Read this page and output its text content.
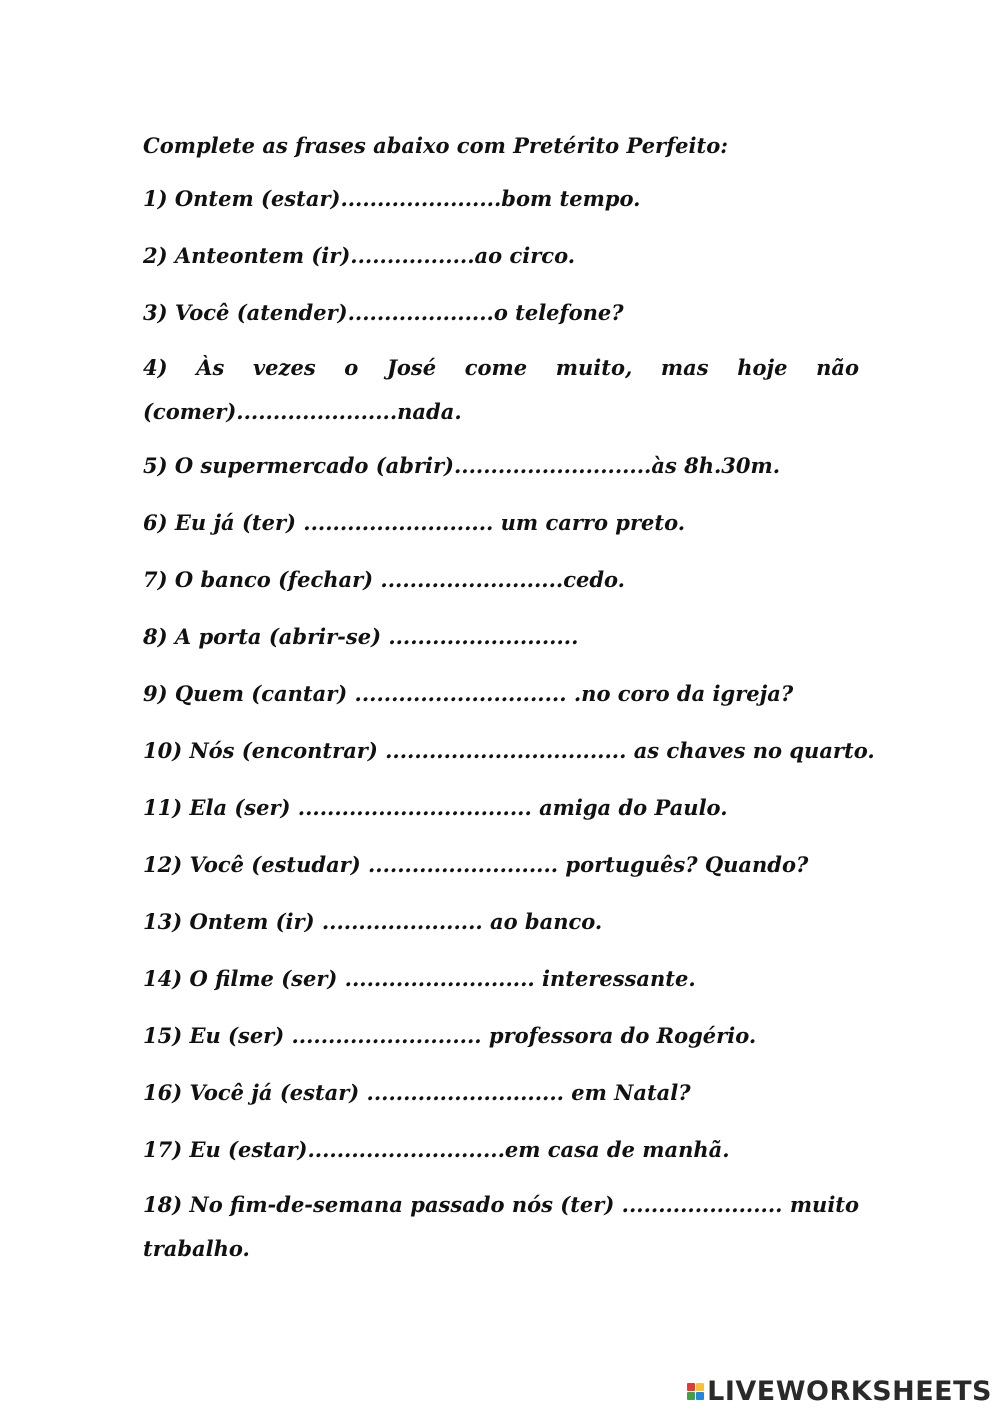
Complete as frases abaixo com Pretérito Perfeito:
1) Ontem (estar)......................bom tempo.
2) Anteontem (ir).................ao circo.
3) Você (atender)....................o telefone?
4) Às vezes o José come muito, mas hoje não (comer)......................nada.
5) O supermercado (abrir)...........................às 8h.30m.
6) Eu já (ter) .......................... um carro preto.
7) O banco (fechar) .........................cedo.
8) A porta (abrir-se) ..........................
9) Quem (cantar) ............................. .no coro da igreja?
10) Nós (encontrar) ................................. as chaves no quarto.
11) Ela (ser) ................................ amiga do Paulo.
12) Você (estudar) .......................... português? Quando?
13) Ontem (ir) ...................... ao banco.
14) O filme (ser) .......................... interessante.
15) Eu (ser) .......................... professora do Rogério.
16) Você já (estar) ........................... em Natal?
17) Eu (estar)...........................em casa de manhã.
18) No fim-de-semana passado nós (ter) ...................... muito trabalho.
LIVEWORKSHEETS
